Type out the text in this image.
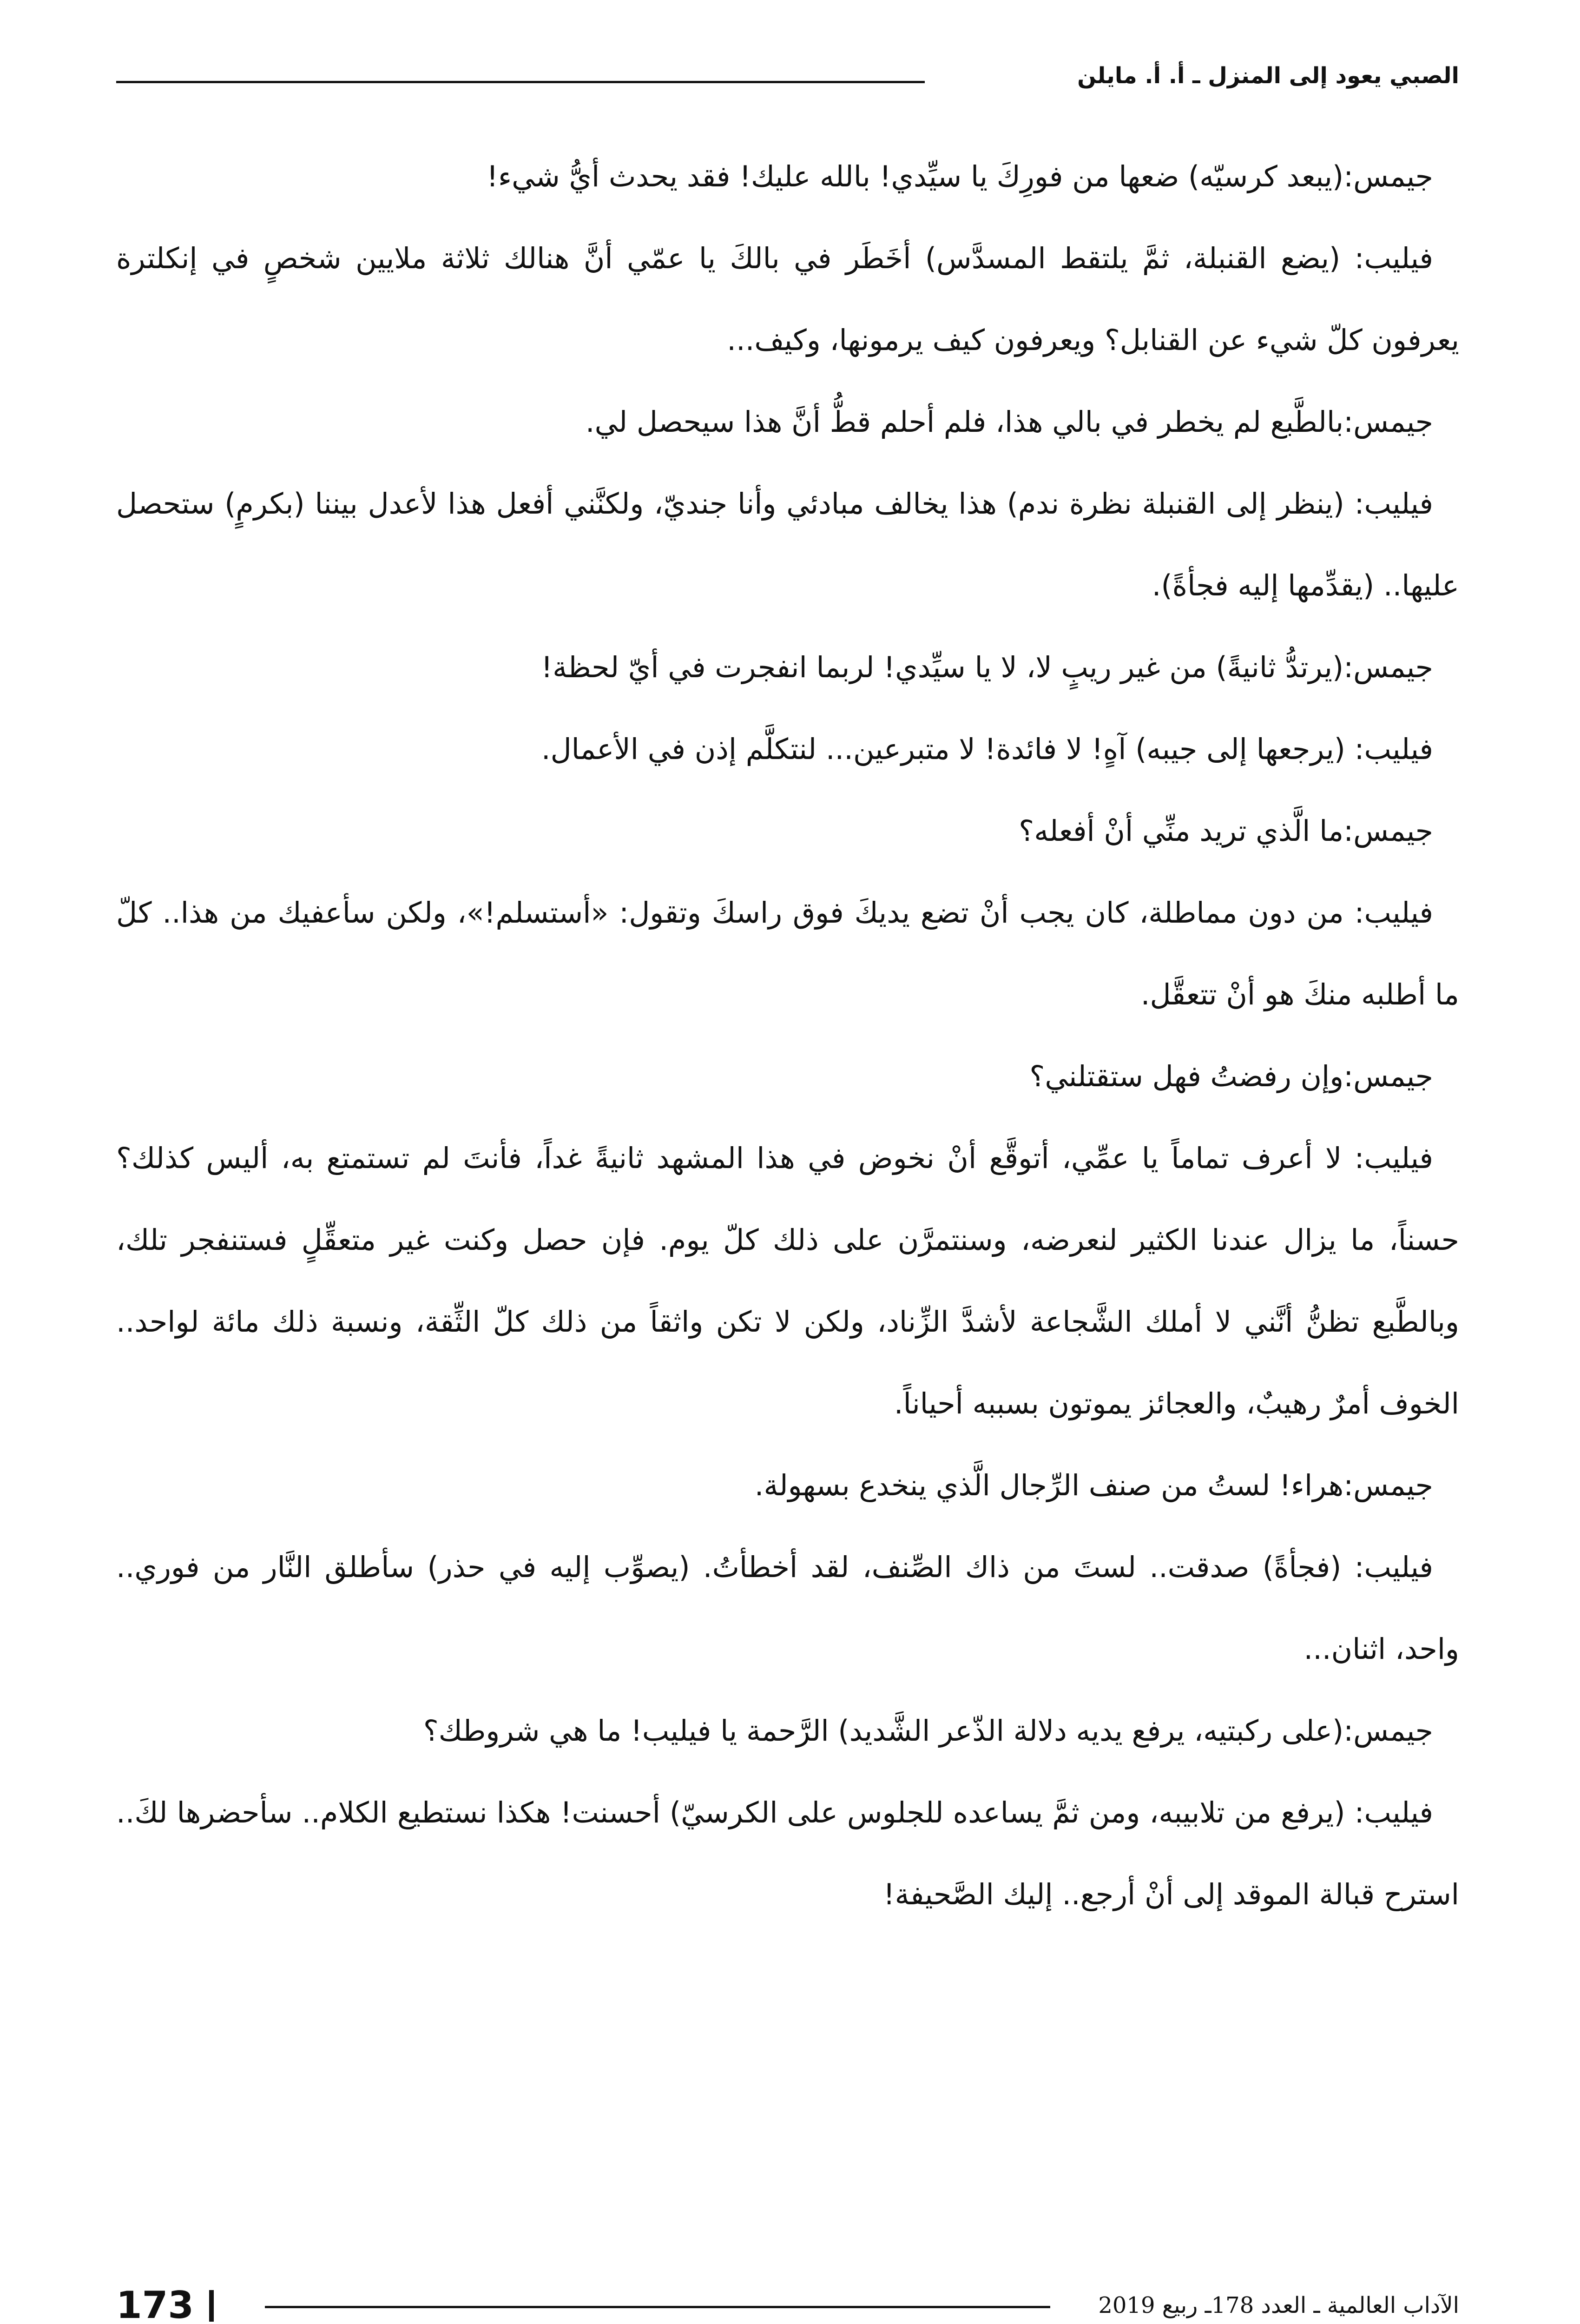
الصبي يعود إلى المنزل ـ أ. أ. مايلن

جيمس:(يبعد كرسيّه) ضعها من فورِكَ يا سيِّدي! بالله عليك! فقد يحدث أيُّ شيء!

فيليب: (يضع القنبلة، ثمَّ يلتقط المسدَّس) أخَطَر في بالكَ يا عمّي أنَّ هنالك ثلاثة ملايين شخصٍ في إنكلترة يعرفون كلّ شيء عن القنابل؟ ويعرفون كيف يرمونها، وكيف...

جيمس:بالطَّبع لم يخطر في بالي هذا، فلم أحلم قطُّ أنَّ هذا سيحصل لي.

فيليب: (ينظر إلى القنبلة نظرة ندم) هذا يخالف مبادئي وأنا جنديّ، ولكنَّني أفعل هذا لأعدل بيننا (بكرمٍ) ستحصل عليها.. (يقدِّمها إليه فجأةً).

جيمس:(يرتدُّ ثانيةً) من غير ريبٍ لا، لا يا سيِّدي! لربما انفجرت في أيّ لحظة!

فيليب: (يرجعها إلى جيبه) آهٍ! لا فائدة! لا متبرعين... لنتكلَّم إذن في الأعمال.

جيمس:ما الَّذي تريد منِّي أنْ أفعله؟

فيليب: من دون مماطلة، كان يجب أنْ تضع يديكَ فوق راسكَ وتقول: «أستسلم!»، ولكن سأعفيك من هذا.. كلّ ما أطلبه منكَ هو أنْ تتعقَّل.

جيمس:وإن رفضتُ فهل ستقتلني؟

فيليب: لا أعرف تماماً يا عمِّي، أتوقَّع أنْ نخوض في هذا المشهد ثانيةً غداً، فأنتَ لم تستمتع به، أليس كذلك؟ حسناً، ما يزال عندنا الكثير لنعرضه، وسنتمرَّن على ذلك كلّ يوم. فإن حصل وكنت غير متعقِّلٍ فستنفجر تلك، وبالطَّبع تظنُّ أنَّني لا أملك الشَّجاعة لأشدَّ الزِّناد، ولكن لا تكن واثقاً من ذلك كلّ الثِّقة، ونسبة ذلك مائة لواحد.. الخوف أمرٌ رهيبٌ، والعجائز يموتون بسببه أحياناً.

جيمس:هراء! لستُ من صنف الرِّجال الَّذي ينخدع بسهولة.

فيليب: (فجأةً) صدقت.. لستَ من ذاك الصِّنف، لقد أخطأتُ. (يصوِّب إليه في حذر) سأطلق النَّار من فوري.. واحد، اثنان...

جيمس:(على ركبتيه، يرفع يديه دلالة الذّعر الشَّديد) الرَّحمة يا فيليب! ما هي شروطك؟

فيليب: (يرفع من تلابيبه، ومن ثمَّ يساعده للجلوس على الكرسيّ) أحسنت! هكذا نستطيع الكلام.. سأحضرها لكَ.. استرح قبالة الموقد إلى أنْ أرجع.. إليك الصَّحيفة!

173	الآداب العالمية ـ العدد 178ـ ربيع 2019
